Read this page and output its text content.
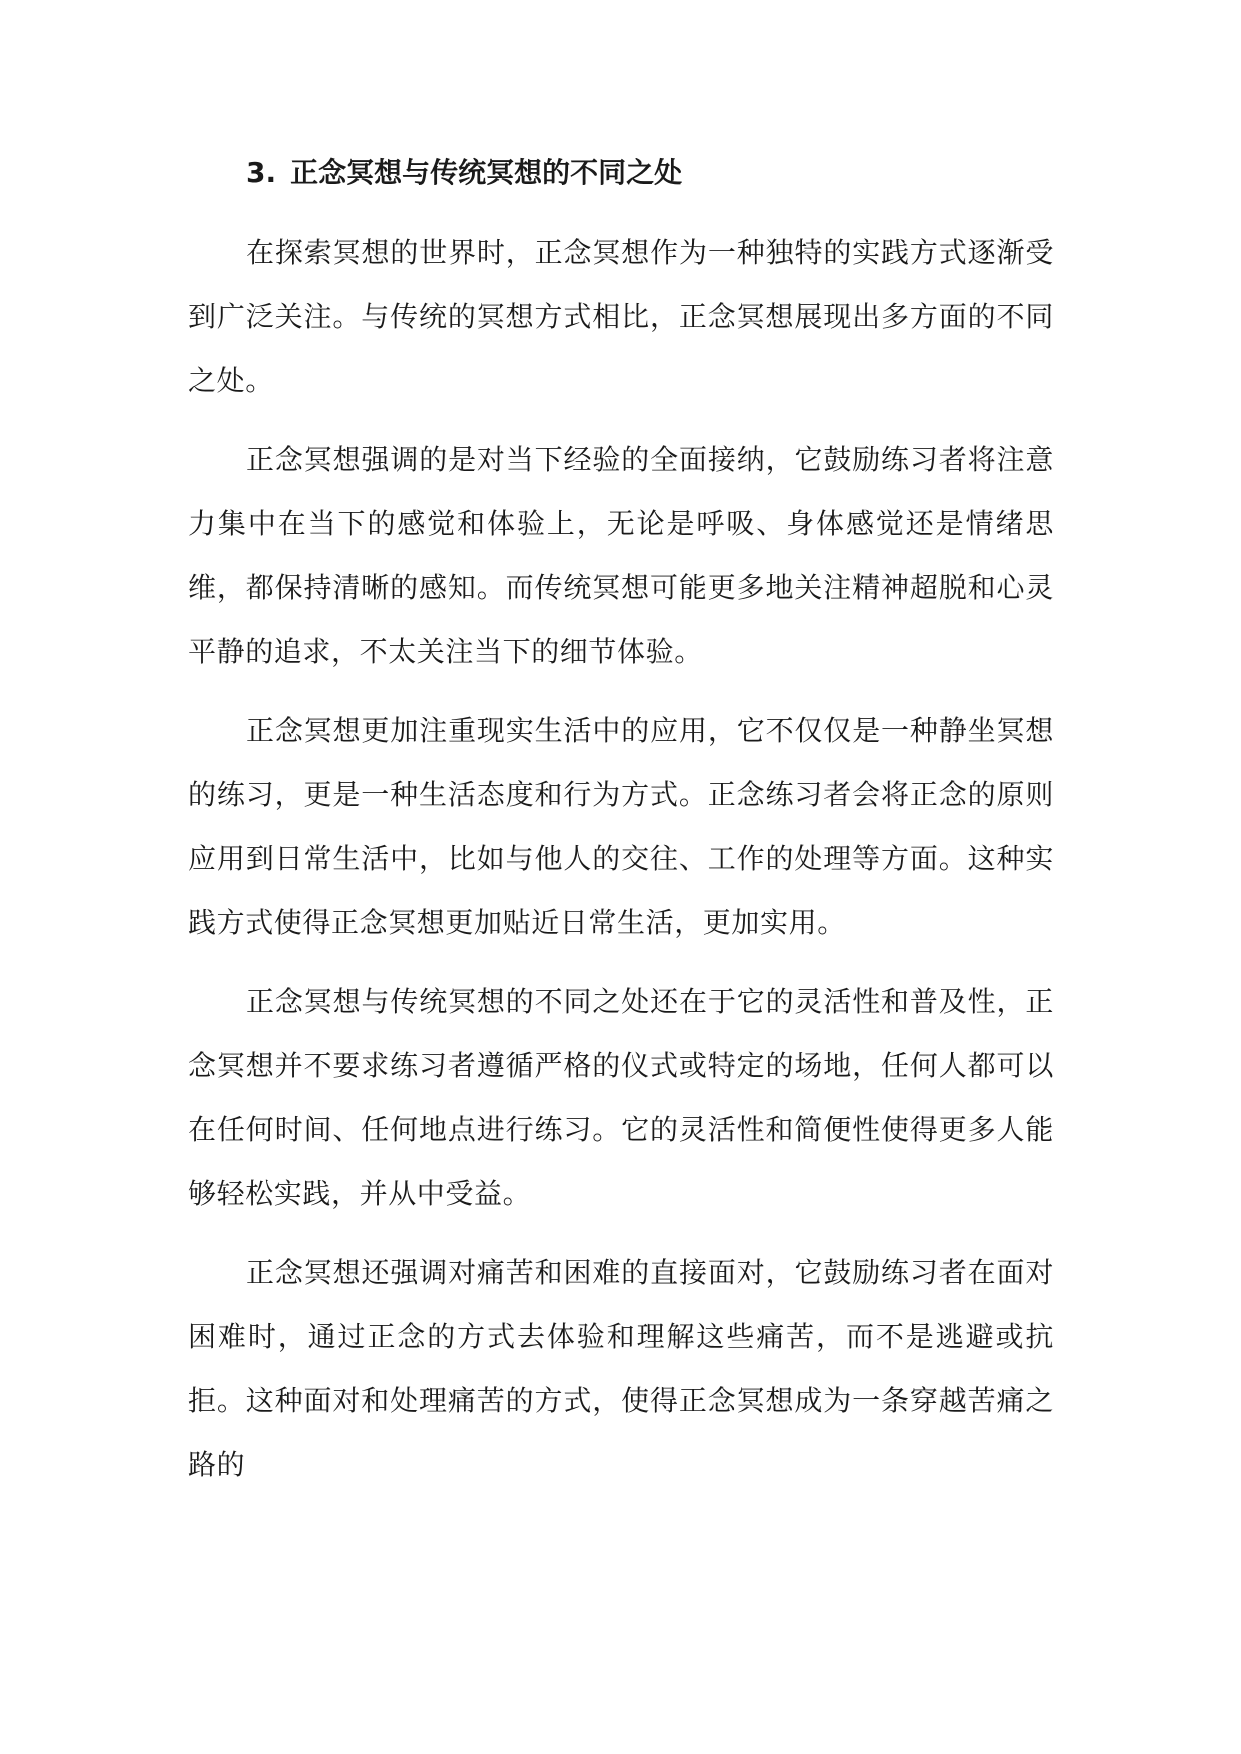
3. 正念冥想与传统冥想的不同之处

在探索冥想的世界时，正念冥想作为一种独特的实践方式逐渐受到广泛关注。与传统的冥想方式相比，正念冥想展现出多方面的不同之处。

正念冥想强调的是对当下经验的全面接纳，它鼓励练习者将注意力集中在当下的感觉和体验上，无论是呼吸、身体感觉还是情绪思维，都保持清晰的感知。而传统冥想可能更多地关注精神超脱和心灵平静的追求，不太关注当下的细节体验。

正念冥想更加注重现实生活中的应用，它不仅仅是一种静坐冥想的练习，更是一种生活态度和行为方式。正念练习者会将正念的原则应用到日常生活中，比如与他人的交往、工作的处理等方面。这种实践方式使得正念冥想更加贴近日常生活，更加实用。

正念冥想与传统冥想的不同之处还在于它的灵活性和普及性，正念冥想并不要求练习者遵循严格的仪式或特定的场地，任何人都可以在任何时间、任何地点进行练习。它的灵活性和简便性使得更多人能够轻松实践，并从中受益。

正念冥想还强调对痛苦和困难的直接面对，它鼓励练习者在面对困难时，通过正念的方式去体验和理解这些痛苦，而不是逃避或抗拒。这种面对和处理痛苦的方式，使得正念冥想成为一条穿越苦痛之路的
